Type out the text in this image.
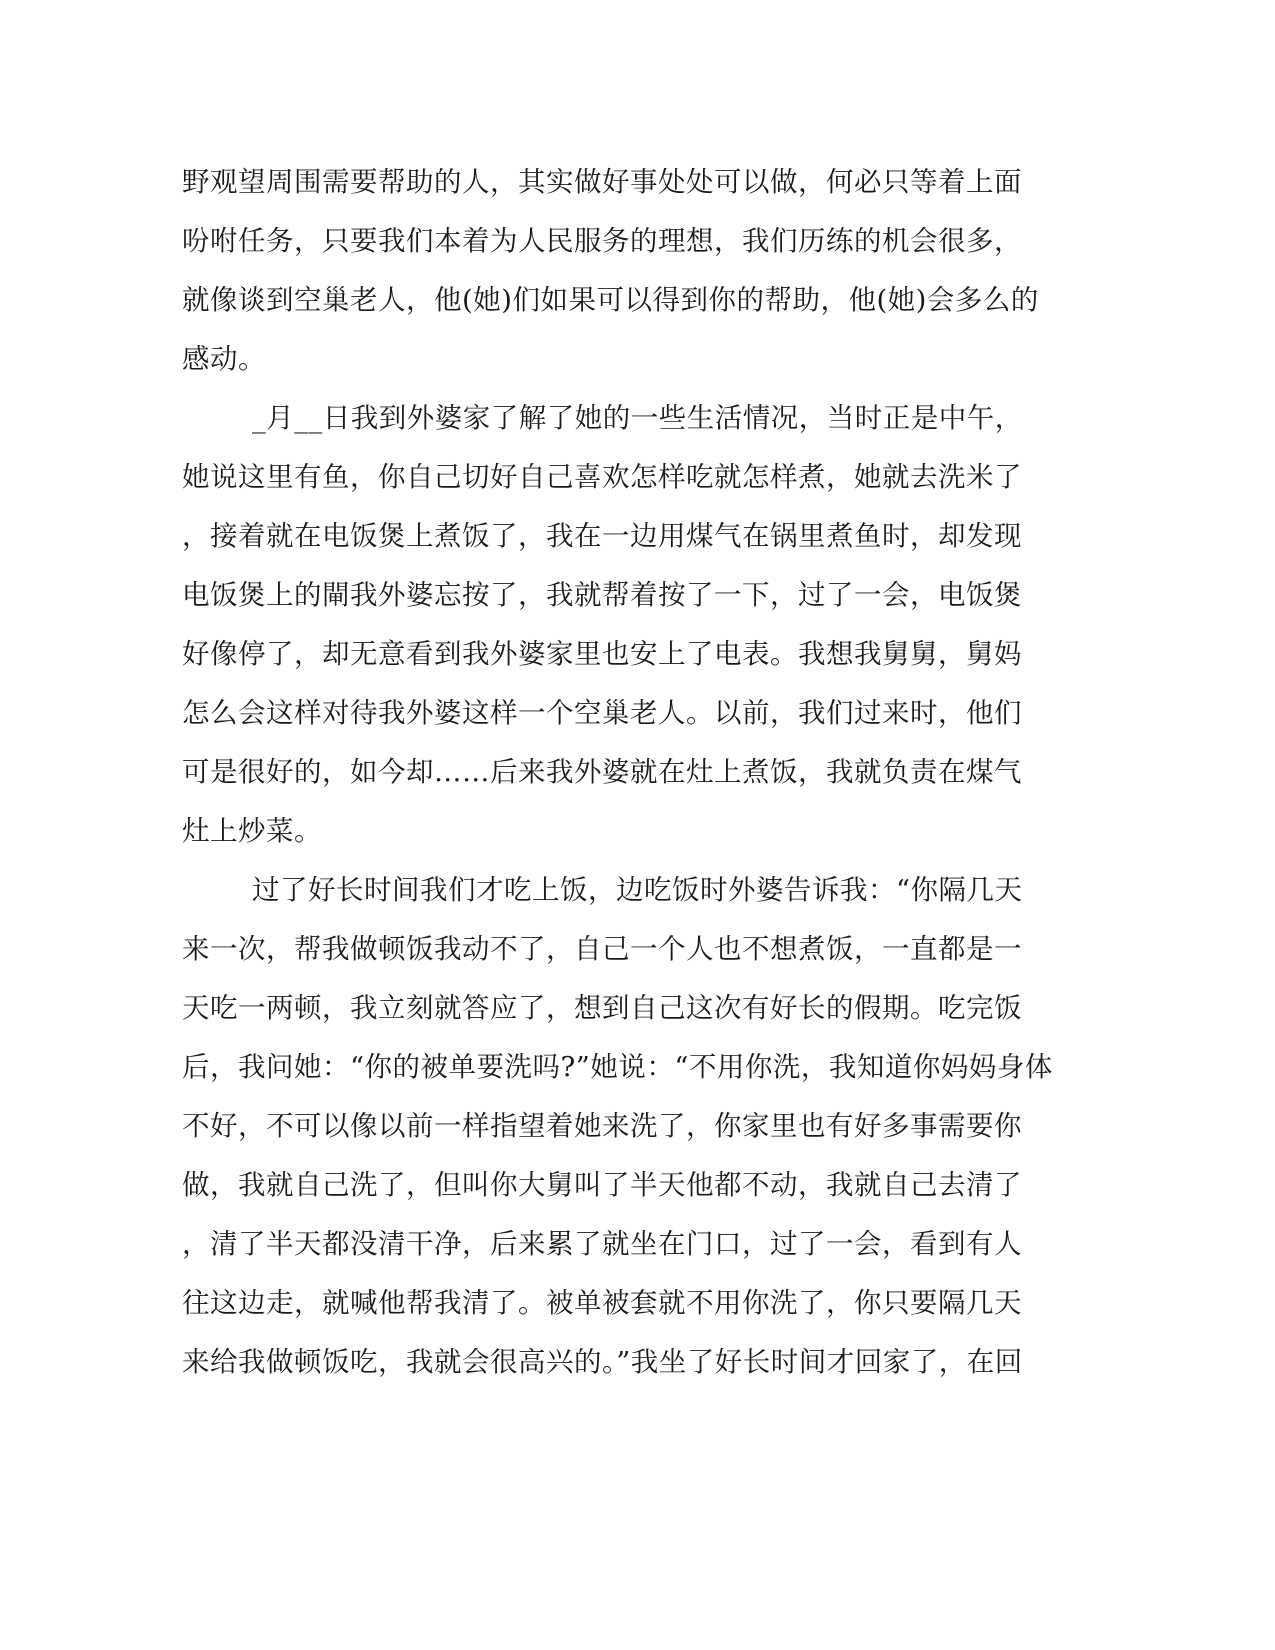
野观望周围需要帮助的人，其实做好事处处可以做，何必只等着上面
吩咐任务，只要我们本着为人民服务的理想，我们历练的机会很多，
就像谈到空巢老人，他(她)们如果可以得到你的帮助，他(她)会多么的
感动。
_月__日我到外婆家了解了她的一些生活情况，当时正是中午，
她说这里有鱼，你自己切好自己喜欢怎样吃就怎样煮，她就去洗米了
，接着就在电饭煲上煮饭了，我在一边用煤气在锅里煮鱼时，却发现
电饭煲上的閘我外婆忘按了，我就帮着按了一下，过了一会，电饭煲
好像停了，却无意看到我外婆家里也安上了电表。我想我舅舅，舅妈
怎么会这样对待我外婆这样一个空巢老人。以前，我们过来时，他们
可是很好的，如今却……后来我外婆就在灶上煮饭，我就负责在煤气
灶上炒菜。
过了好长时间我们才吃上饭，边吃饭时外婆告诉我：“你隔几天
来一次，帮我做顿饭我动不了，自己一个人也不想煮饭，一直都是一
天吃一两顿，我立刻就答应了，想到自己这次有好长的假期。吃完饭
后，我问她：“你的被单要洗吗?”她说：“不用你洗，我知道你妈妈身体
不好，不可以像以前一样指望着她来洗了，你家里也有好多事需要你
做，我就自己洗了，但叫你大舅叫了半天他都不动，我就自己去清了
，清了半天都没清干净，后来累了就坐在门口，过了一会，看到有人
往这边走，就喊他帮我清了。被单被套就不用你洗了，你只要隔几天
来给我做顿饭吃，我就会很高兴的。”我坐了好长时间才回家了，在回
